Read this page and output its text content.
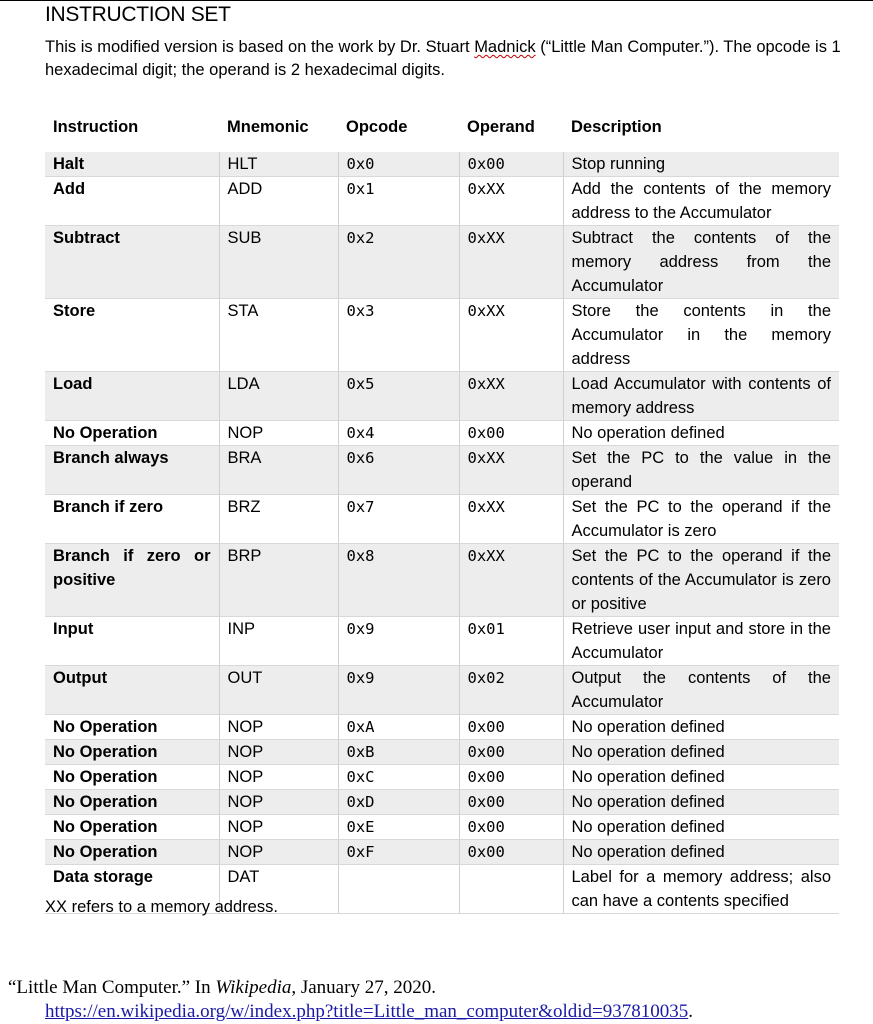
INSTRUCTION SET
This is modified version is based on the work by Dr. Stuart Madnick (“Little Man Computer.”). The opcode is 1 hexadecimal digit; the operand is 2 hexadecimal digits.
Instruction	Mnemonic	Opcode	Operand	Description
Halt	HLT	0x0	0x00	Stop running
Add	ADD	0x1	0xXX	Add the contents of the memory address to the Accumulator
Subtract	SUB	0x2	0xXX	Subtract the contents of the memory address from the Accumulator
Store	STA	0x3	0xXX	Store the contents in the Accumulator in the memory address
Load	LDA	0x5	0xXX	Load Accumulator with contents of memory address
No Operation	NOP	0x4	0x00	No operation defined
Branch always	BRA	0x6	0xXX	Set the PC to the value in the operand
Branch if zero	BRZ	0x7	0xXX	Set the PC to the operand if the Accumulator is zero
Branch if zero or positive	BRP	0x8	0xXX	Set the PC to the operand if the contents of the Accumulator is zero or positive
Input	INP	0x9	0x01	Retrieve user input and store in the Accumulator
Output	OUT	0x9	0x02	Output the contents of the Accumulator
No Operation	NOP	0xA	0x00	No operation defined
No Operation	NOP	0xB	0x00	No operation defined
No Operation	NOP	0xC	0x00	No operation defined
No Operation	NOP	0xD	0x00	No operation defined
No Operation	NOP	0xE	0x00	No operation defined
No Operation	NOP	0xF	0x00	No operation defined
Data storage	DAT			Label for a memory address; also can have a contents specified
XX refers to a memory address.
“Little Man Computer.” In Wikipedia, January 27, 2020.
https://en.wikipedia.org/w/index.php?title=Little_man_computer&oldid=937810035.
